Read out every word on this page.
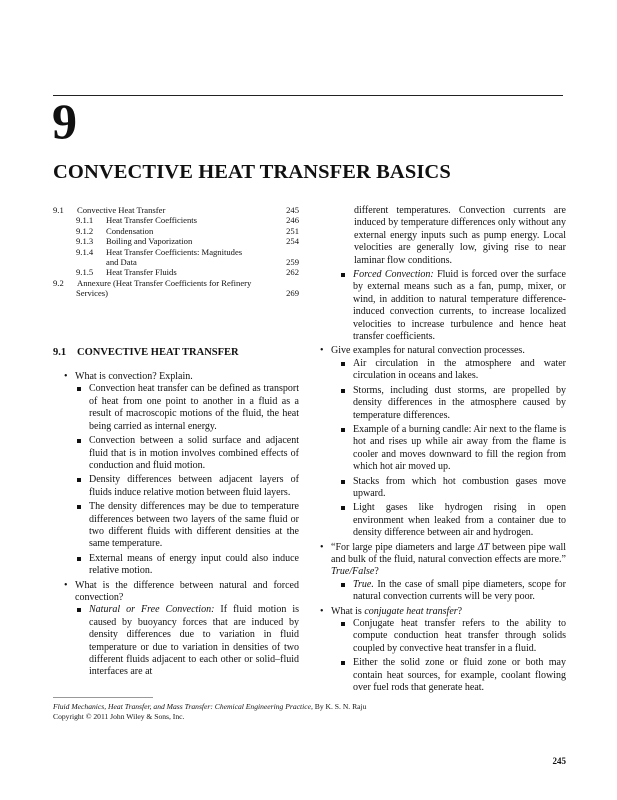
9
CONVECTIVE HEAT TRANSFER BASICS
9.1 Convective Heat Transfer	245
9.1.1 Heat Transfer Coefficients	246
9.1.2 Condensation	251
9.1.3 Boiling and Vaporization	254
9.1.4 Heat Transfer Coefficients: Magnitudes
and Data	259
9.1.5 Heat Transfer Fluids	262
9.2 Annexure (Heat Transfer Coefficients for Refinery
Services)	269
9.1 CONVECTIVE HEAT TRANSFER
• What is convection? Explain.
Convection heat transfer can be defined as transport of heat from one point to another in a fluid as a result of macroscopic motions of the fluid, the heat being carried as internal energy.
Convection between a solid surface and adjacent fluid that is in motion involves combined effects of conduction and fluid motion.
Density differences between adjacent layers of fluids induce relative motion between fluid layers.
The density differences may be due to temperature differences between two layers of the same fluid or two different fluids with different densities at the same temperature.
External means of energy input could also induce relative motion.
• What is the difference between natural and forced convection?
Natural or Free Convection: If fluid motion is caused by buoyancy forces that are induced by density differences due to variation in fluid temperature or due to variation in densities of two different fluids adjacent to each other or solid–fluid interfaces are at
different temperatures. Convection currents are induced by temperature differences only without any external energy inputs such as pump energy. Local velocities are generally low, giving rise to near laminar flow conditions.
Forced Convection: Fluid is forced over the surface by external means such as a fan, pump, mixer, or wind, in addition to natural temperature difference-induced convection currents, to increase localized velocities to increase turbulence and hence heat transfer coefficients.
• Give examples for natural convection processes.
Air circulation in the atmosphere and water circulation in oceans and lakes.
Storms, including dust storms, are propelled by density differences in the atmosphere caused by temperature differences.
Example of a burning candle: Air next to the flame is hot and rises up while air away from the flame is cooler and moves downward to fill the region from which hot air moved up.
Stacks from which hot combustion gases move upward.
Light gases like hydrogen rising in open environment when leaked from a container due to density difference between air and hydrogen.
• “For large pipe diameters and large ΔT between pipe wall and bulk of the fluid, natural convection effects are more.” True/False?
True. In the case of small pipe diameters, scope for natural convection currents will be very poor.
• What is conjugate heat transfer?
Conjugate heat transfer refers to the ability to compute conduction heat transfer through solids coupled by convective heat transfer in a fluid.
Either the solid zone or fluid zone or both may contain heat sources, for example, coolant flowing over fuel rods that generate heat.
Fluid Mechanics, Heat Transfer, and Mass Transfer: Chemical Engineering Practice, By K. S. N. Raju
Copyright © 2011 John Wiley & Sons, Inc.
245
